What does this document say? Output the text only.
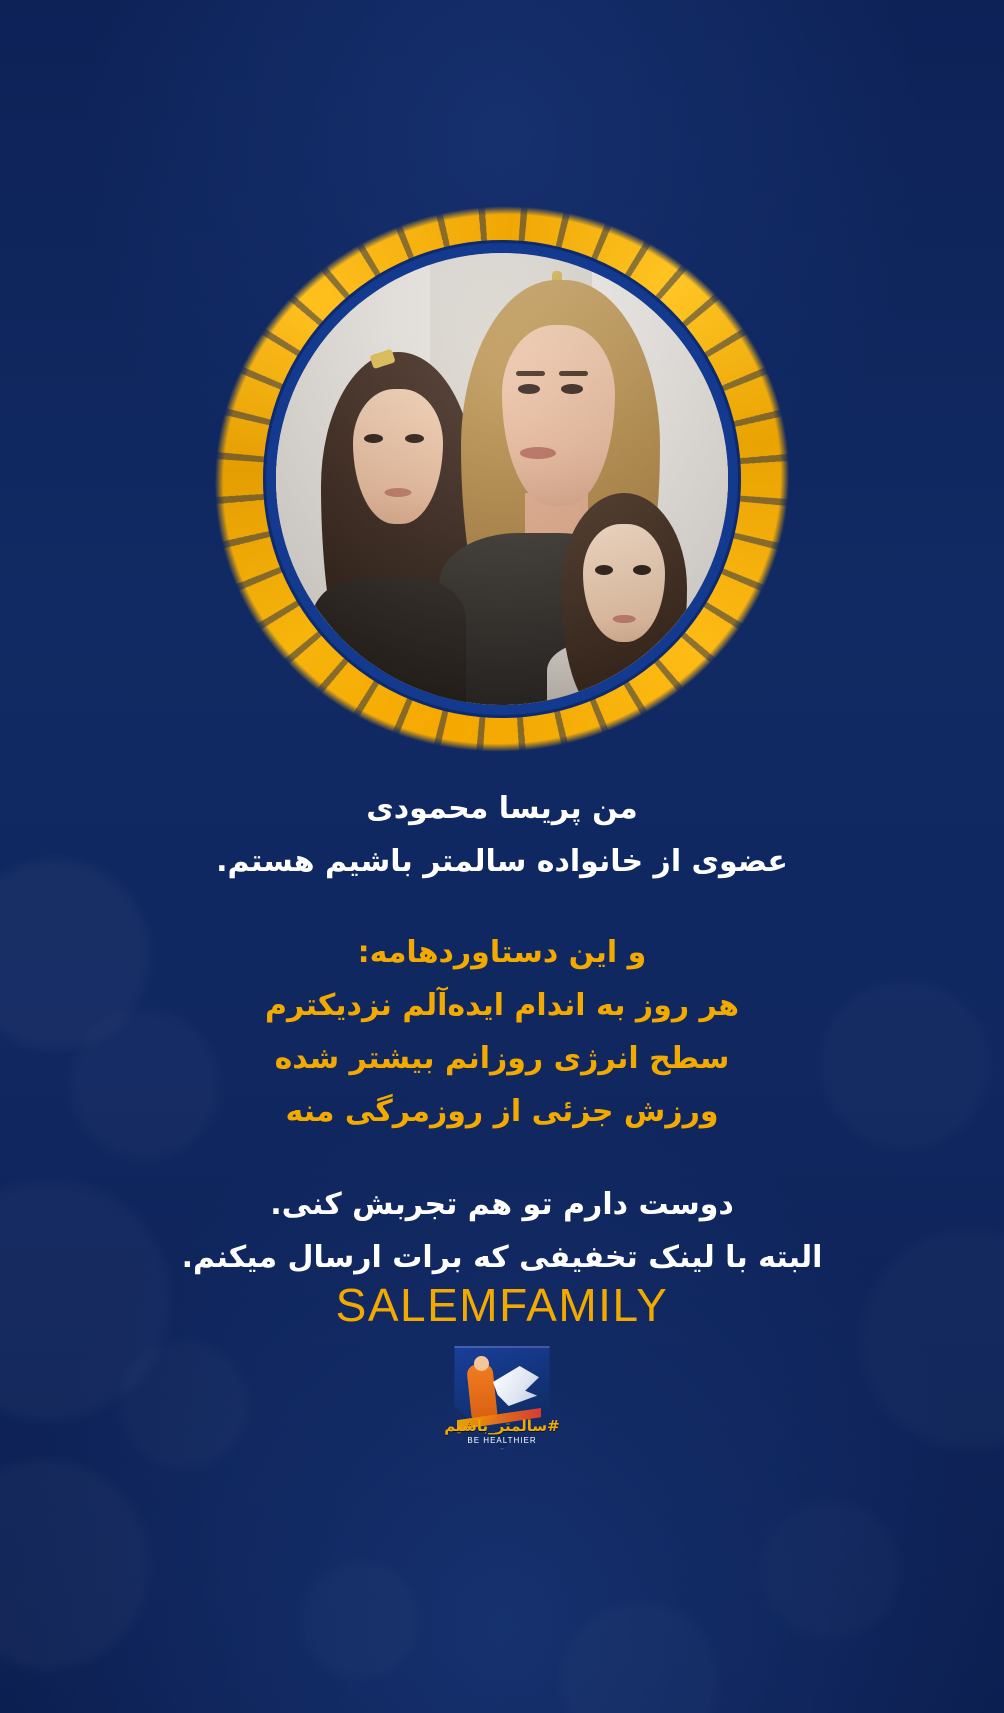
من پریسا محمودی
عضوی از خانواده سالمتر باشیم هستم.
و این دستاوردهامه:
هر روز به اندام ایده‌آلم نزدیکترم
سطح انرژی روزانم بیشتر شده
ورزش جزئی از روزمرگی منه
دوست دارم تو هم تجربش کنی.
البته با لینک تخفیفی که برات ارسال میکنم.
SALEMFAMILY
#سالمتر_باشیم
BE HEALTHIER
